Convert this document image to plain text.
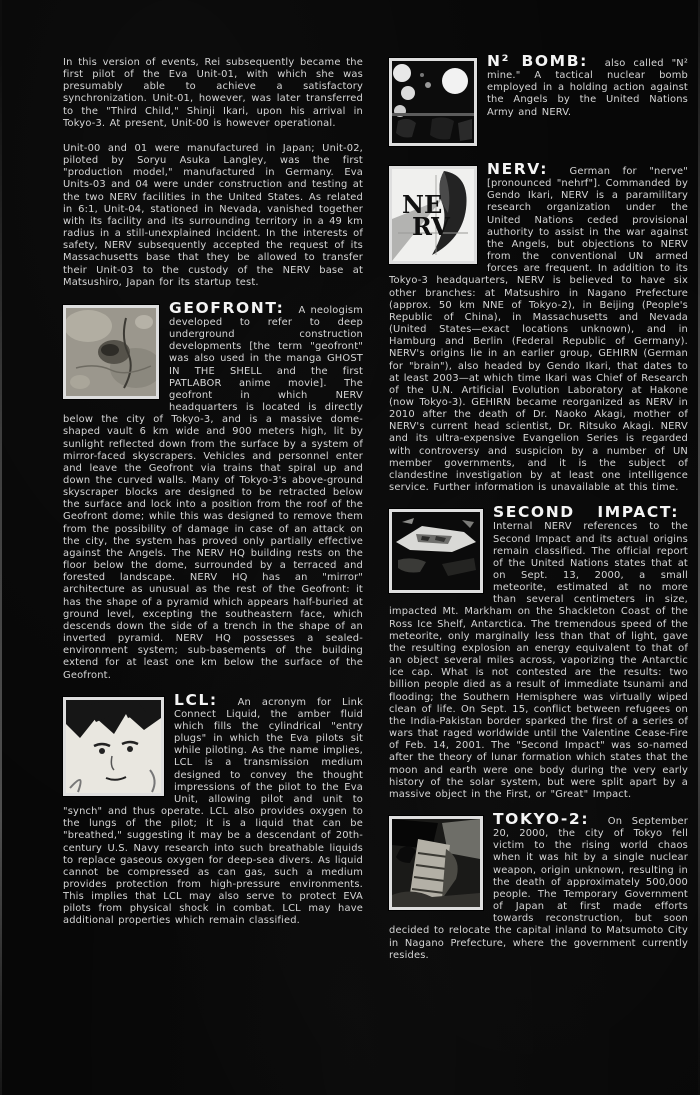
In this version of events, Rei subsequently became the first pilot of the Eva Unit-01, with which she was presumably able to achieve a satisfactory synchronization. Unit-01, however, was later transferred to the "Third Child," Shinji Ikari, upon his arrival in Tokyo-3. At present, Unit-00 is however operational.

Unit-00 and 01 were manufactured in Japan; Unit-02, piloted by Soryu Asuka Langley, was the first "production model," manufactured in Germany. Eva Units-03 and 04 were under construction and testing at the two NERV facilities in the United States. As related in 6:1, Unit-04, stationed in Nevada, vanished together with its facility and its surrounding territory in a 49 km radius in a still-unexplained incident. In the interests of safety, NERV subsequently accepted the request of its Massachusetts base that they be allowed to transfer their Unit-03 to the custody of the NERV base at Matsushiro, Japan for its startup test.

GEOFRONT: A neologism developed to refer to deep underground construction developments [the term "geofront" was also used in the manga GHOST IN THE SHELL and the first PATLABOR anime movie]. The geofront in which NERV headquarters is located is directly below the city of Tokyo-3, and is a massive dome-shaped vault 6 km wide and 900 meters high, lit by sunlight reflected down from the surface by a system of mirror-faced skyscrapers. Vehicles and personnel enter and leave the Geofront via trains that spiral up and down the curved walls. Many of Tokyo-3's above-ground skyscraper blocks are designed to be retracted below the surface and lock into a position from the roof of the Geofront dome; while this was designed to remove them from the possibility of damage in case of an attack on the city, the system has proved only partially effective against the Angels. The NERV HQ building rests on the floor below the dome, surrounded by a terraced and forested landscape. NERV HQ has an "mirror" architecture as unusual as the rest of the Geofront: it has the shape of a pyramid which appears half-buried at ground level, excepting the southeastern face, which descends down the side of a trench in the shape of an inverted pyramid. NERV HQ possesses a sealed-environment system; sub-basements of the building extend for at least one km below the surface of the Geofront.

LCL: An acronym for Link Connect Liquid, the amber fluid which fills the cylindrical "entry plugs" in which the Eva pilots sit while piloting. As the name implies, LCL is a transmission medium designed to convey the thought impressions of the pilot to the Eva Unit, allowing pilot and unit to "synch" and thus operate. LCL also provides oxygen to the lungs of the pilot; it is a liquid that can be "breathed," suggesting it may be a descendant of 20th-century U.S. Navy research into such breathable liquids to replace gaseous oxygen for deep-sea divers. As liquid cannot be compressed as can gas, such a medium provides protection from high-pressure environments. This implies that LCL may also serve to protect EVA pilots from physical shock in combat. LCL may have additional properties which remain classified.

N² BOMB: also called "N² mine." A tactical nuclear bomb employed in a holding action against the Angels by the United Nations Army and NERV.

NE
RV

NERV: German for "nerve" [pronounced "nehrf"]. Commanded by Gendo Ikari, NERV is a paramilitary research organization under the United Nations ceded provisional authority to assist in the war against the Angels, but objections to NERV from the conventional UN armed forces are frequent. In addition to its Tokyo-3 headquarters, NERV is believed to have six other branches: at Matsushiro in Nagano Prefecture (approx. 50 km NNE of Tokyo-2), in Beijing (People's Republic of China), in Massachusetts and Nevada (United States—exact locations unknown), and in Hamburg and Berlin (Federal Republic of Germany). NERV's origins lie in an earlier group, GEHIRN (German for "brain"), also headed by Gendo Ikari, that dates to at least 2003—at which time Ikari was Chief of Research of the U.N. Artificial Evolution Laboratory at Hakone (now Tokyo-3). GEHIRN became reorganized as NERV in 2010 after the death of Dr. Naoko Akagi, mother of NERV's current head scientist, Dr. Ritsuko Akagi. NERV and its ultra-expensive Evangelion Series is regarded with controversy and suspicion by a number of UN member governments, and it is the subject of clandestine investigation by at least one intelligence service. Further information is unavailable at this time.

SECOND IMPACT: Internal NERV references to the Second Impact and its actual origins remain classified. The official report of the United Nations states that at on Sept. 13, 2000, a small meteorite, estimated at no more than several centimeters in size, impacted Mt. Markham on the Shackleton Coast of the Ross Ice Shelf, Antarctica. The tremendous speed of the meteorite, only marginally less than that of light, gave the resulting explosion an energy equivalent to that of an object several miles across, vaporizing the Antarctic ice cap. What is not contested are the results: two billion people died as a result of immediate tsunami and flooding; the Southern Hemisphere was virtually wiped clean of life. On Sept. 15, conflict between refugees on the India-Pakistan border sparked the first of a series of wars that raged worldwide until the Valentine Cease-Fire of Feb. 14, 2001. The "Second Impact" was so-named after the theory of lunar formation which states that the moon and earth were one body during the very early history of the solar system, but were split apart by a massive object in the First, or "Great" Impact.

TOKYO-2: On September 20, 2000, the city of Tokyo fell victim to the rising world chaos when it was hit by a single nuclear weapon, origin unknown, resulting in the death of approximately 500,000 people. The Temporary Government of Japan at first made efforts towards reconstruction, but soon decided to relocate the capital inland to Matsumoto City in Nagano Prefecture, where the government currently resides.
